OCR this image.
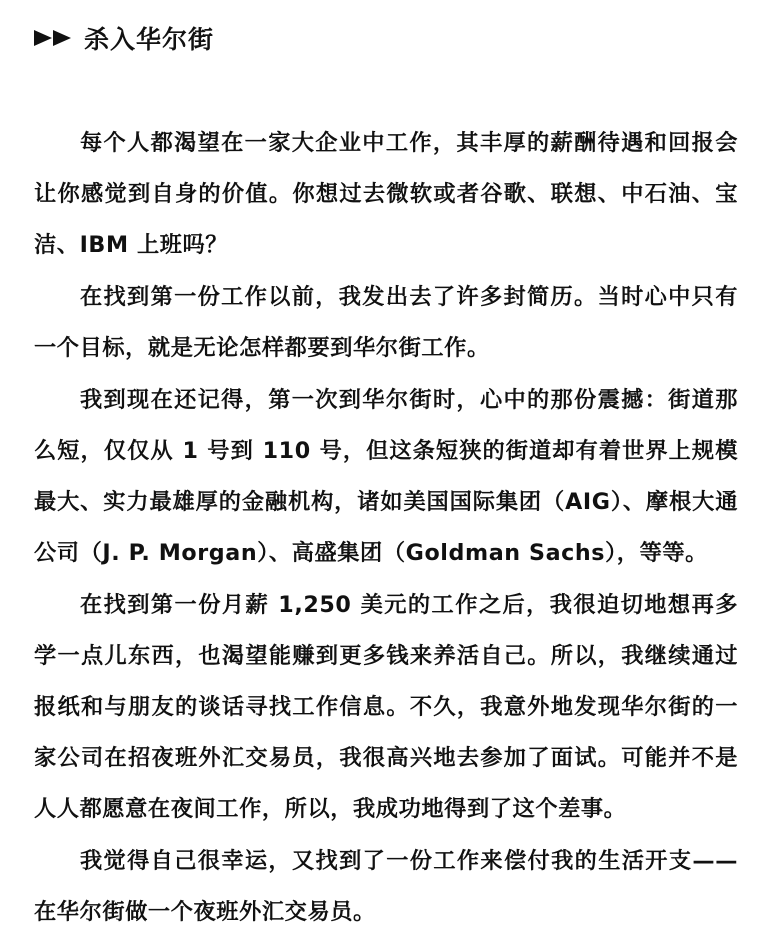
杀入华尔街

每个人都渴望在一家大企业中工作，其丰厚的薪酬待遇和回报会让你感觉到自身的价值。你想过去微软或者谷歌、联想、中石油、宝洁、IBM 上班吗？

在找到第一份工作以前，我发出去了许多封简历。当时心中只有一个目标，就是无论怎样都要到华尔街工作。

我到现在还记得，第一次到华尔街时，心中的那份震撼：街道那么短，仅仅从 1 号到 110 号，但这条短狭的街道却有着世界上规模最大、实力最雄厚的金融机构，诸如美国国际集团（AIG）、摩根大通公司（J. P. Morgan）、高盛集团（Goldman Sachs），等等。

在找到第一份月薪 1,250 美元的工作之后，我很迫切地想再多学一点儿东西，也渴望能赚到更多钱来养活自己。所以，我继续通过报纸和与朋友的谈话寻找工作信息。不久，我意外地发现华尔街的一家公司在招夜班外汇交易员，我很高兴地去参加了面试。可能并不是人人都愿意在夜间工作，所以，我成功地得到了这个差事。

我觉得自己很幸运，又找到了一份工作来偿付我的生活开支——在华尔街做一个夜班外汇交易员。
